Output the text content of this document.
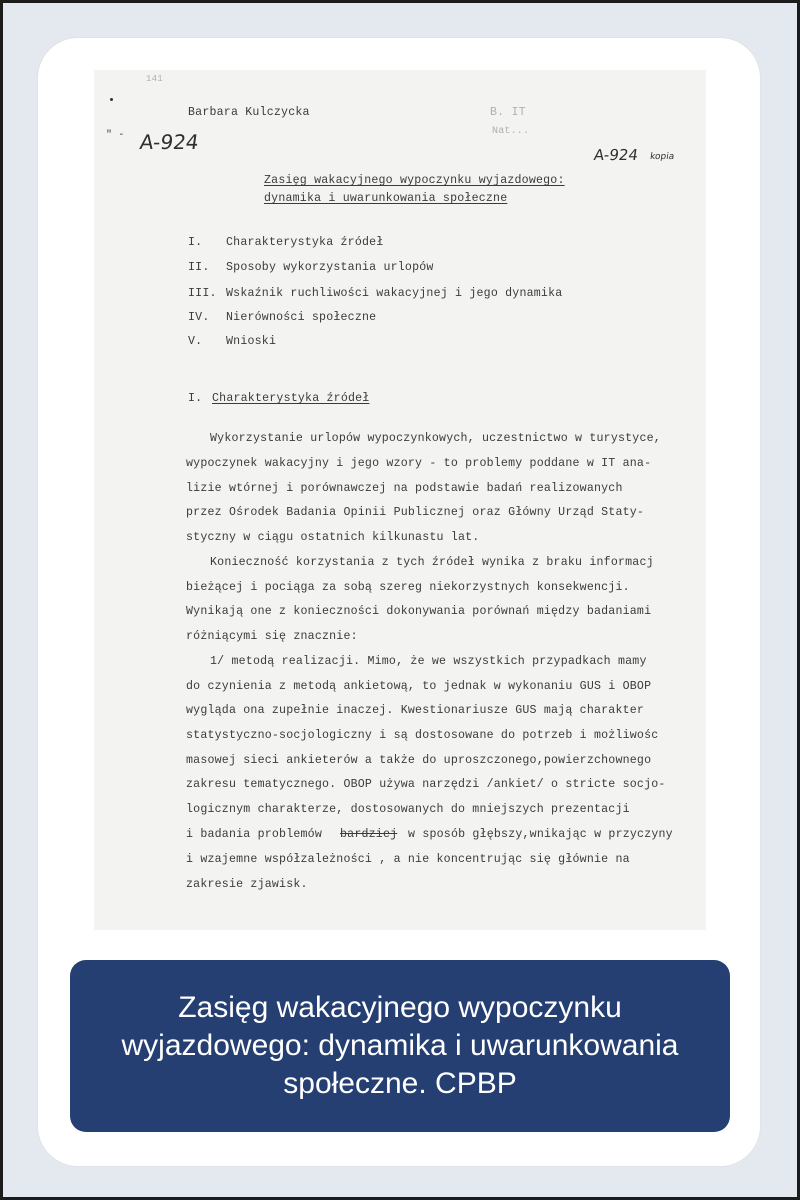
141
" -
Barbara Kulczycka
A-924
B. IT
Nat...
A-924 kopia
Zasięg wakacyjnego wypoczynku wyjazdowego:
dynamika i uwarunkowania społeczne
I. Charakterystyka źródeł
II. Sposoby wykorzystania urlopów
III. Wskaźnik ruchliwości wakacyjnej i jego dynamika
IV. Nierówności społeczne
V. Wnioski
I. Charakterystyka źródeł
Wykorzystanie urlopów wypoczynkowych, uczestnictwo w turystyce,
wypoczynek wakacyjny i jego wzory - to problemy poddane w IT ana-
lizie wtórnej i porównawczej na podstawie badań realizowanych
przez Ośrodek Badania Opinii Publicznej oraz Główny Urząd Staty-
styczny w ciągu ostatnich kilkunastu lat.
Konieczność korzystania z tych źródeł wynika z braku informacj
bieżącej i pociąga za sobą szereg niekorzystnych konsekwencji.
Wynikają one z konieczności dokonywania porównań między badaniami
różniącymi się znacznie:
1/ metodą realizacji. Mimo, że we wszystkich przypadkach mamy
do czynienia z metodą ankietową, to jednak w wykonaniu GUS i OBOP
wygląda ona zupełnie inaczej. Kwestionariusze GUS mają charakter
statystyczno-socjologiczny i są dostosowane do potrzeb i możliwośc
masowej sieci ankieterów a także do uproszczonego,powierzchownego
zakresu tematycznego. OBOP używa narzędzi /ankiet/ o stricte socjo-
logicznym charakterze, dostosowanych do mniejszych prezentacji
i badania problemów bardziej w sposób głębszy,wnikając w przyczyny
i wzajemne współzależności , a nie koncentrując się głównie na
zakresie zjawisk.
Zasięg wakacyjnego wypoczynku wyjazdowego: dynamika i uwarunkowania społeczne. CPBP
